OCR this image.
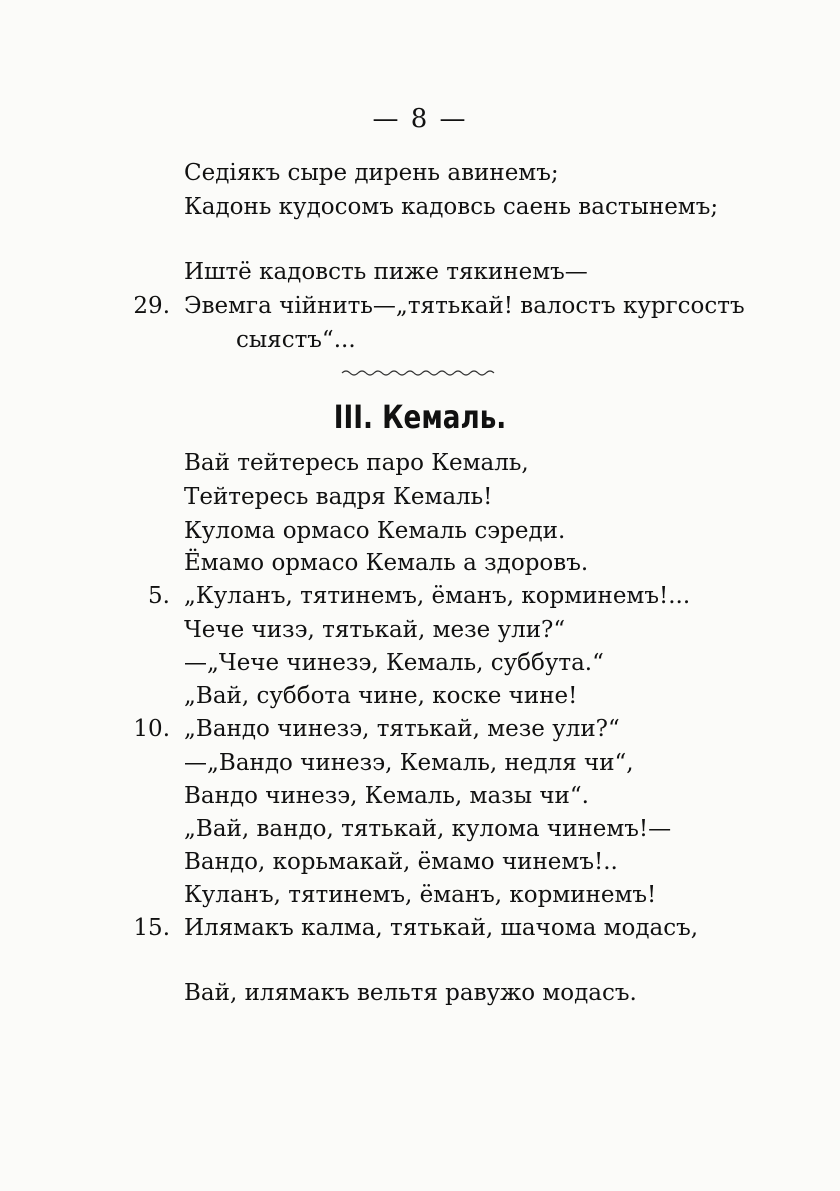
— 8 —
Седiякъ сыре дирень авинемъ;
Кадонь кудосомъ кадовсь саень вастынемъ;
Иштё кадовсть пиже тякинемъ—
29. Эвемга чiйнить—„тятькай! валостъ кургсостъ
сыястъ“...
III. Кемаль.
Вай тейтересь паро Кемаль,
Тейтересь вадря Кемаль!
Кулома ормасо Кемаль сэреди.
Ёмамо ормасо Кемаль а здоровъ.
5. „Куланъ, тятинемъ, ёманъ, корминемъ!...
Чече чизэ, тятькай, мезе ули?“
—„Чече чинезэ, Кемаль, суббута.“
„Вай, суббота чине, коске чине!
10. „Вандо чинезэ, тятькай, мезе ули?“
—„Вандо чинезэ, Кемаль, недля чи“,
Вандо чинезэ, Кемаль, мазы чи“.
„Вай, вандо, тятькай, кулома чинемъ!—
Вандо, корьмакай, ёмамо чинемъ!..
Куланъ, тятинемъ, ёманъ, корминемъ!
15. Илямакъ калма, тятькай, шачома модасъ,
Вай, илямакъ вельтя равужо модасъ.
